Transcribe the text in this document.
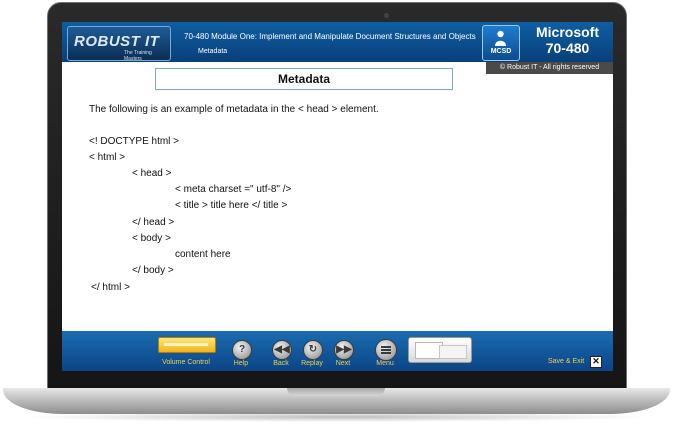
ROBUST IT
The Training Masters
70-480 Module One: Implement and Manipulate Document Structures and Objects
Metadata	MCSD
Microsoft
70-480
© Robust IT - All rights reserved
Metadata
The following is an example of metadata in the < head > element.
<! DOCTYPE html >
< html >
< head >
< meta charset =" utf-8" />
< title > title here </ title >
</ head >
< body >
content here
</ body >
</ html >
Volume Control
?
Help
◀◀
Back
↻
Replay
▶▶
Next	Menu	Save & Exit ✕
